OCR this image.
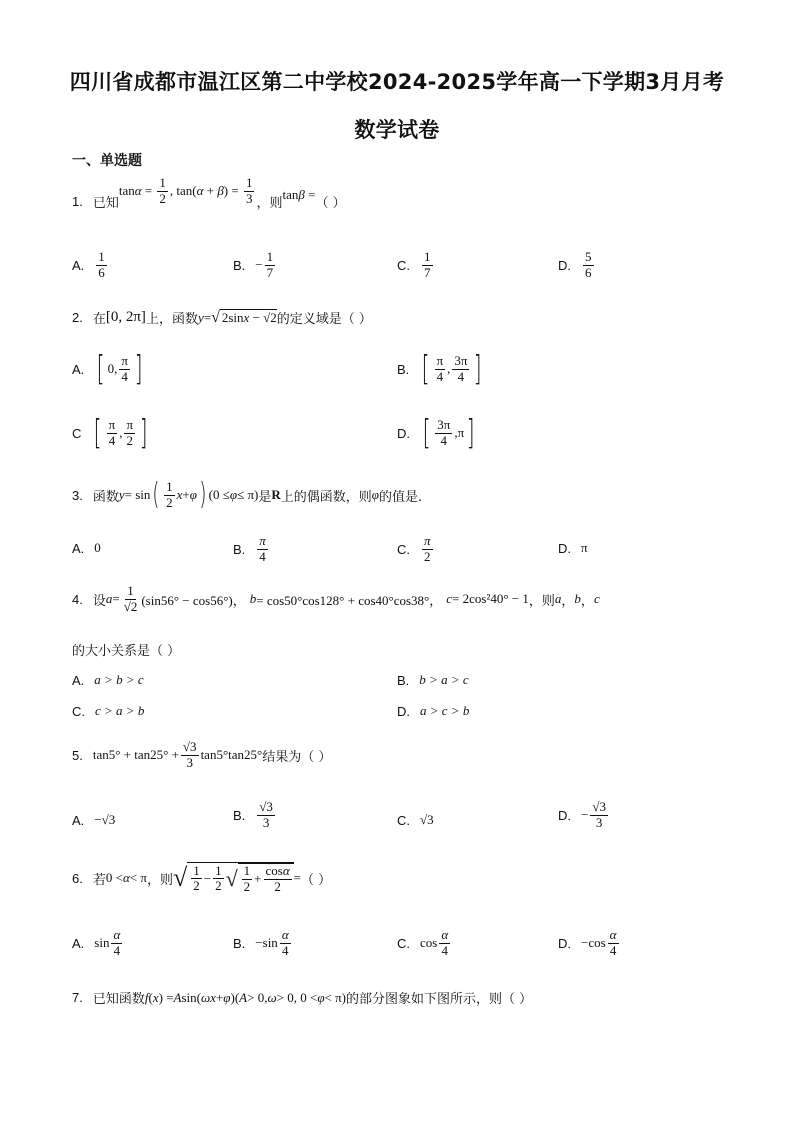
四川省成都市温江区第二中学校2024-2025学年高一下学期3月月考
数学试卷
一、单选题
1. 已知
$\tan\alpha = \frac{1}{2}$ , $\tan(\alpha + \beta) = \frac{1}{3}$ ，则
tanβ =
（ ）
A. $\frac{1}{6}$	B. − $\frac{1}{7}$	C. $\frac{1}{7}$	D. $\frac{5}{6}$
2. 在 [0, 2π] 上，函数 y = √ 2sinx − √2 的定义域是（ ）
A. [ 0, $\frac{\pi}{4}$ ]	B. [ $\frac{\pi}{4}$ , $\frac{3\pi}{4}$ ]
C [ $\frac{\pi}{4}$ , $\frac{\pi}{2}$ ]	D. [ $\frac{3\pi}{4} ,\pi$ ]
3. 函数 y = sin ( $\frac{1}{2}$ x + φ ) (0 ≤ φ ≤ π) 是 R 上的偶函数，则 φ 的值是.
A. 0	B. $\frac{\pi}{4}$	C. $\frac{\pi}{2}$	D. π
4. 设 $a = \frac{1}{√2} (\sin 56^\circ - \cos 56^\circ)$， b = cos50°cos128° + cos40°cos38°， c = 2cos²40° − 1 ，则 a ， b ， c
的大小关系是（ ）
A. a > b > c	B. b > a > c
C. c > a > b	D. a > c > b
5. $\tan 5^\circ + \tan 25^\circ + \frac{√3}{3} \tan 5^\circ\tan 25^\circ$ 结果为（ ）
A. −√3	B. $\frac{√3}{3}$	C. √3	D. − $\frac{√3}{3}$
6. 若 0 < α < π ，则 √ $\frac{1}{2} - \frac{1}{2}$ √ $\frac{1}{2} + \frac{\cos\alpha}{2}$ = （ ）
A. $\sin \frac{\alpha}{4}$	B. $-\sin \frac{\alpha}{4}$	C. $\cos \frac{\alpha}{4}$	D. $-\cos \frac{\alpha}{4}$
7. 已知函数 f ( x ) = A sin( ωx + φ )( A > 0, ω > 0, 0 < φ < π) 的部分图象如下图所示，则（ ）
